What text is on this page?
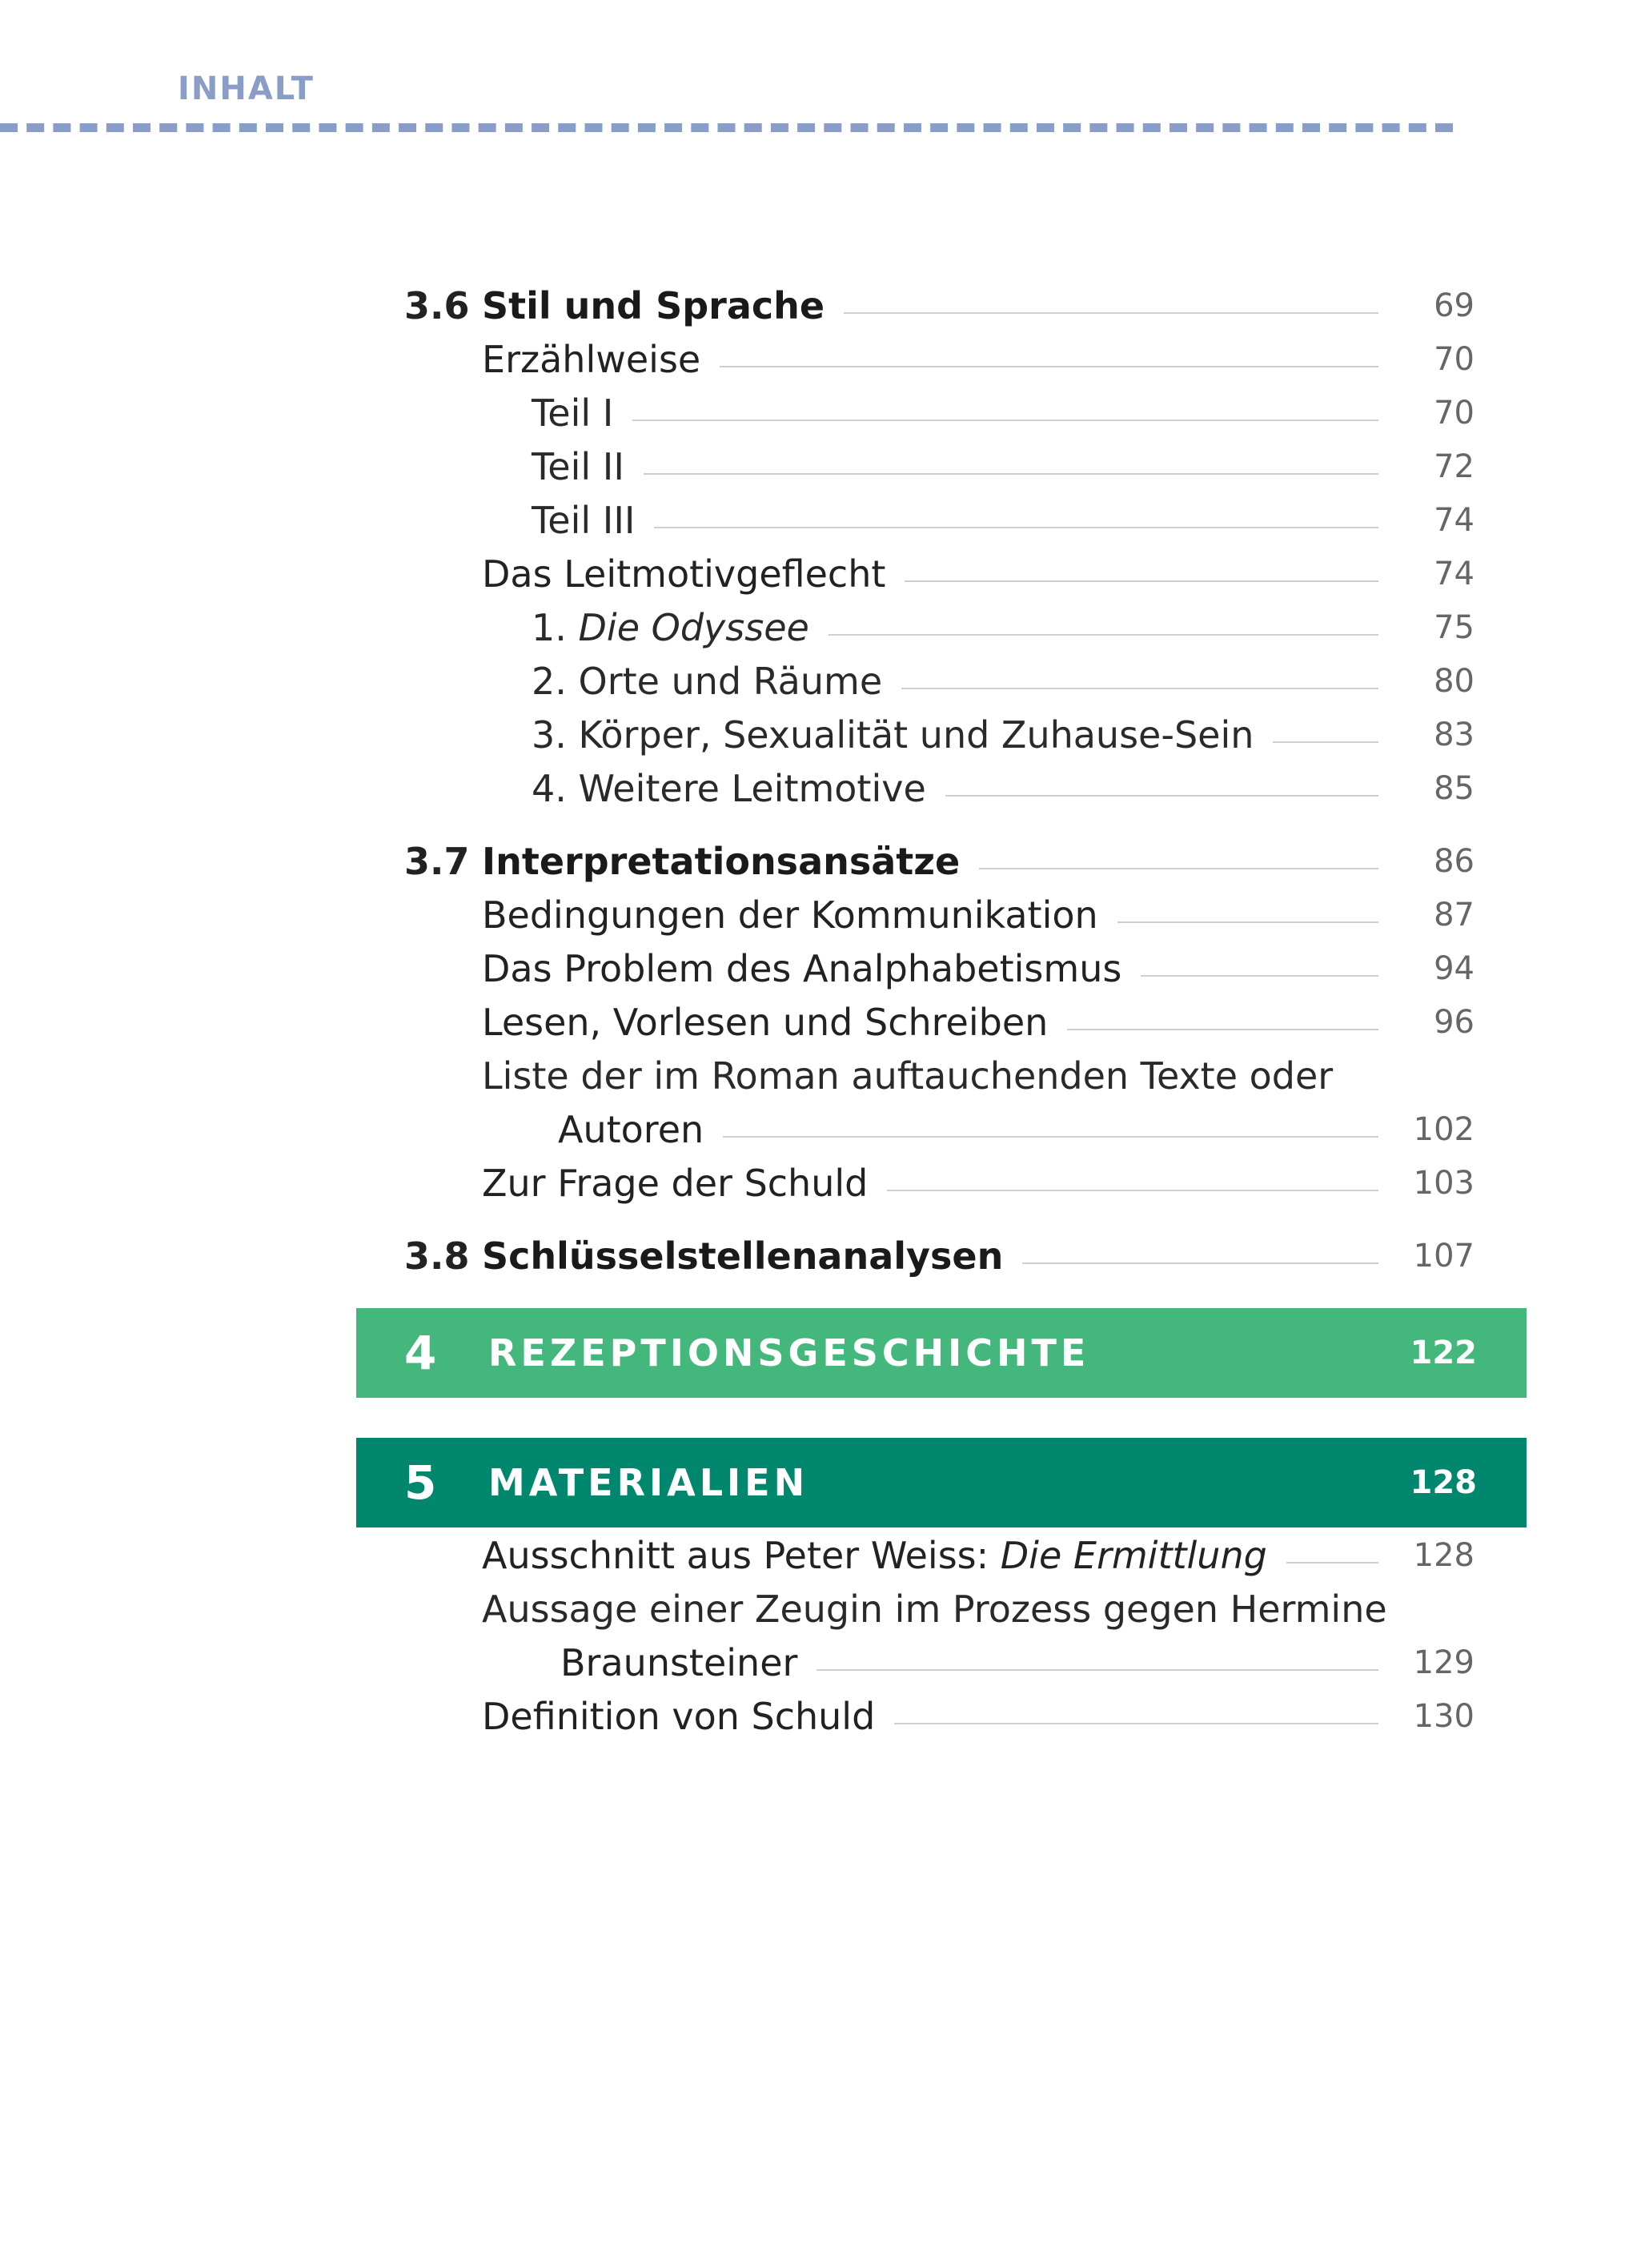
INHALT
3.6 Stil und Sprache	69
Erzählweise	70
Teil I	70
Teil II	72
Teil III	74
Das Leitmotivgeflecht	74
1. Die Odyssee	75
2. Orte und Räume	80
3. Körper, Sexualität und Zuhause-Sein	83
4. Weitere Leitmotive	85
3.7 Interpretationsansätze	86
Bedingungen der Kommunikation	87
Das Problem des Analphabetismus	94
Lesen, Vorlesen und Schreiben	96
Liste der im Roman auftauchenden Texte oder
Autoren	102
Zur Frage der Schuld	103
3.8 Schlüsselstellenanalysen	107
4 REZEPTIONSGESCHICHTE	122
5 MATERIALIEN	128
Ausschnitt aus Peter Weiss: Die Ermittlung	128
Aussage einer Zeugin im Prozess gegen Hermine
Braunsteiner	129
Definition von Schuld	130
